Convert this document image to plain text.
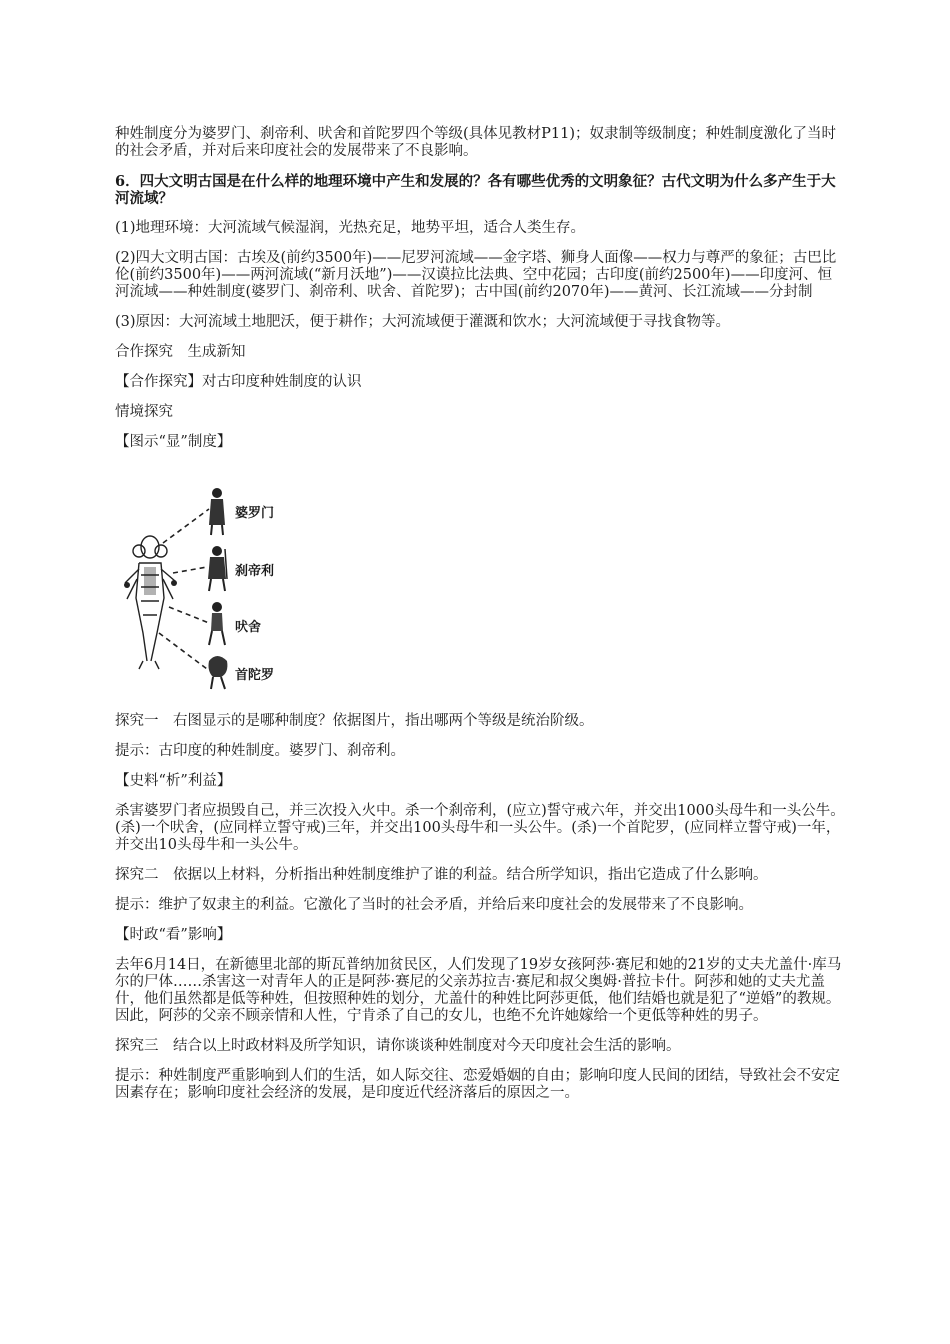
种姓制度分为婆罗门、刹帝利、吠舍和首陀罗四个等级(具体见教材P11)；奴隶制等级制度；种姓制度激化了当时的社会矛盾，并对后来印度社会的发展带来了不良影响。

6．四大文明古国是在什么样的地理环境中产生和发展的？各有哪些优秀的文明象征？古代文明为什么多产生于大河流域？

(1)地理环境：大河流域气候湿润，光热充足，地势平坦，适合人类生存。

(2)四大文明古国：古埃及(前约3500年)——尼罗河流域——金字塔、狮身人面像——权力与尊严的象征；古巴比伦(前约3500年)——两河流域(“新月沃地”)——汉谟拉比法典、空中花园；古印度(前约2500年)——印度河、恒河流域——种姓制度(婆罗门、刹帝利、吠舍、首陀罗)；古中国(前约2070年)——黄河、长江流域——分封制

(3)原因：大河流域土地肥沃，便于耕作；大河流域便于灌溉和饮水；大河流域便于寻找食物等。

合作探究　生成新知

【合作探究】对古印度种姓制度的认识

情境探究

【图示“显”制度】

婆罗门
刹帝利
吠舍
首陀罗

探究一　右图显示的是哪种制度？依据图片，指出哪两个等级是统治阶级。

提示：古印度的种姓制度。婆罗门、刹帝利。

【史料“析”利益】

杀害婆罗门者应损毁自己，并三次投入火中。杀一个刹帝利，(应立)誓守戒六年，并交出1000头母牛和一头公牛。(杀)一个吠舍，(应同样立誓守戒)三年，并交出100头母牛和一头公牛。(杀)一个首陀罗，(应同样立誓守戒)一年，并交出10头母牛和一头公牛。

探究二　依据以上材料，分析指出种姓制度维护了谁的利益。结合所学知识，指出它造成了什么影响。

提示：维护了奴隶主的利益。它激化了当时的社会矛盾，并给后来印度社会的发展带来了不良影响。

【时政“看”影响】

去年6月14日，在新德里北部的斯瓦普纳加贫民区，人们发现了19岁女孩阿莎·赛尼和她的21岁的丈夫尤盖什·库马尔的尸体……杀害这一对青年人的正是阿莎·赛尼的父亲苏拉吉·赛尼和叔父奥姆·普拉卡什。阿莎和她的丈夫尤盖什，他们虽然都是低等种姓，但按照种姓的划分，尤盖什的种姓比阿莎更低，他们结婚也就是犯了“逆婚”的教规。因此，阿莎的父亲不顾亲情和人性，宁肯杀了自己的女儿，也绝不允许她嫁给一个更低等种姓的男子。

探究三　结合以上时政材料及所学知识，请你谈谈种姓制度对今天印度社会生活的影响。

提示：种姓制度严重影响到人们的生活，如人际交往、恋爱婚姻的自由；影响印度人民间的团结，导致社会不安定因素存在；影响印度社会经济的发展，是印度近代经济落后的原因之一。
